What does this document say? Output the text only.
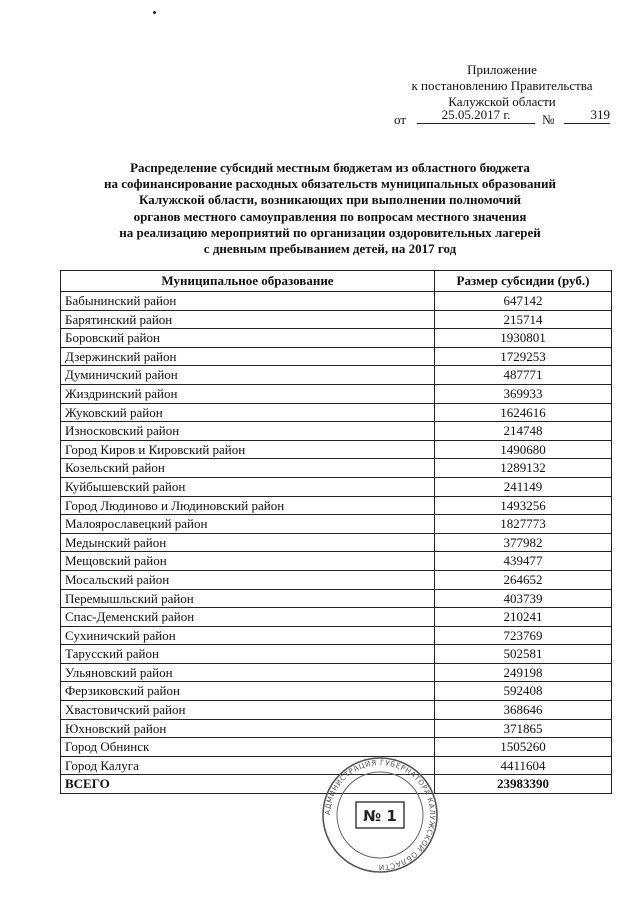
Приложение
к постановлению Правительства
Калужской области
от	25.05.2017 г.	№	319
Распределение субсидий местным бюджетам из областного бюджета
на софинансирование расходных обязательств муниципальных образований
Калужской области, возникающих при выполнении полномочий
органов местного самоуправления по вопросам местного значения
на реализацию мероприятий по организации оздоровительных лагерей
с дневным пребыванием детей, на 2017 год
Муниципальное образование	Размер субсидии (руб.)
Бабынинский район	647142
Барятинский район	215714
Боровский район	1930801
Дзержинский район	1729253
Думиничский район	487771
Жиздринский район	369933
Жуковский район	1624616
Износковский район	214748
Город Киров и Кировский район	1490680
Козельский район	1289132
Куйбышевский район	241149
Город Людиново и Людиновский район	1493256
Малоярославецкий район	1827773
Медынский район	377982
Мещовский район	439477
Мосальский район	264652
Перемышльский район	403739
Спас-Деменский район	210241
Сухиничский район	723769
Тарусский район	502581
Ульяновский район	249198
Ферзиковский район	592408
Хвастовичский район	368646
Юхновский район	371865
Город Обнинск	1505260
Город Калуга	4411604
ВСЕГО	23983390
АДМИНИСТРАЦИЯ ГУБЕРНАТОРА КАЛУЖСКОЙ ОБЛАСТИ
№ 1
